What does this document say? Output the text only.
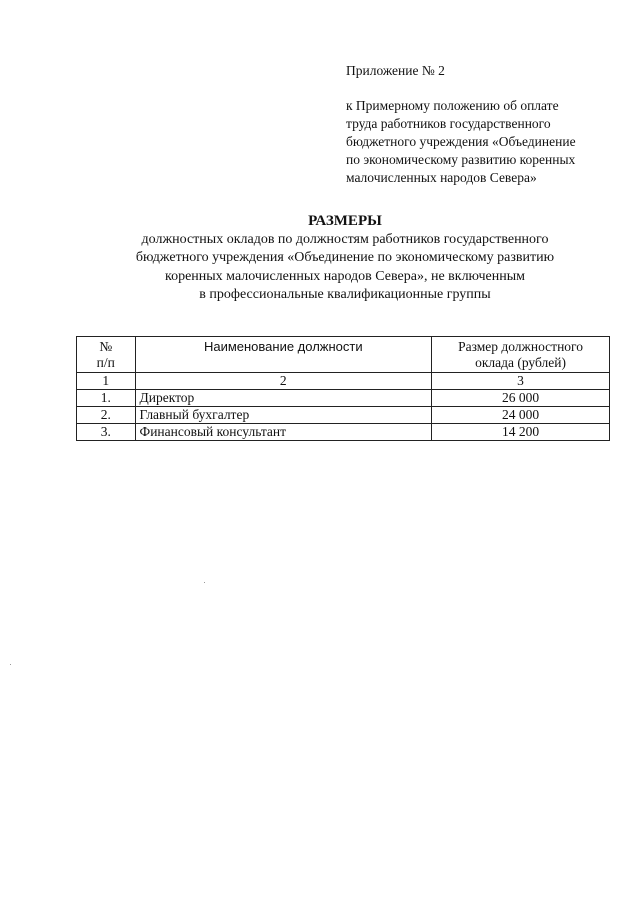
Приложение № 2

к Примерному положению об оплате
труда работников государственного
бюджетного учреждения «Объединение
по экономическому развитию коренных
малочисленных народов Севера»

РАЗМЕРЫ

должностных окладов по должностям работников государственного
бюджетного учреждения «Объединение по экономическому развитию
коренных малочисленных народов Севера», не включенным
в профессиональные квалификационные группы

№
п/п	Наименование должности	Размер должностного
оклада (рублей)
1	2	3
1.	Директор	26 000
2.	Главный бухгалтер	24 000
3.	Финансовый консультант	14 200
